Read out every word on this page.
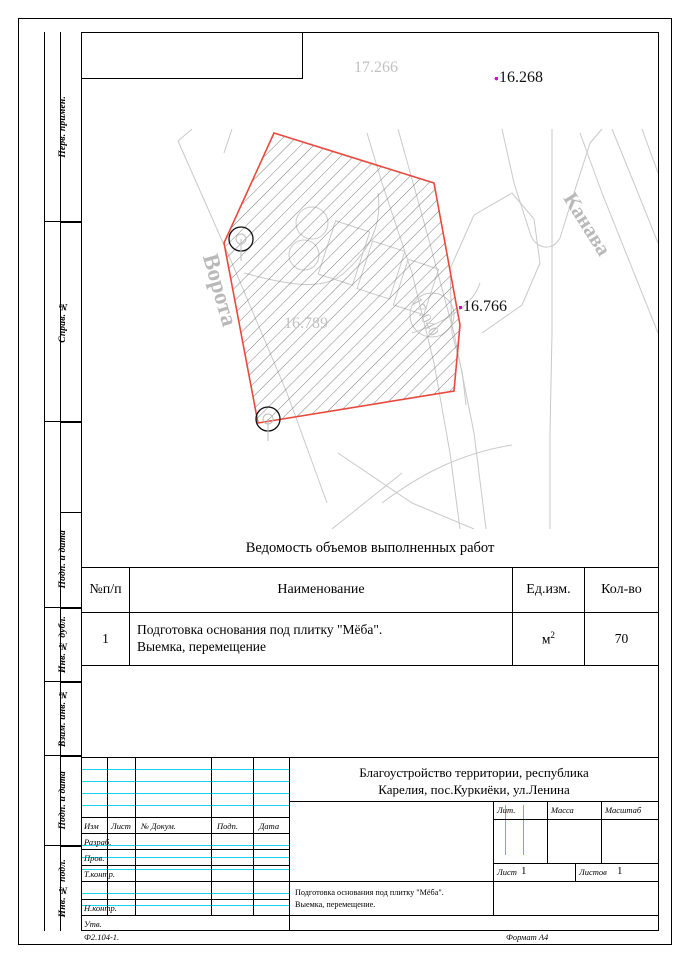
Перв. примен.
Справ. №
Подп. и дата
Инв. № дубл.
Взам. инв. №
Подп. и дата
Инв. № подл.
Ворота
Канава
17.266
16.268
16.766
16.789	17.040
Ведомость объемов выполненных работ			
№п/п	Наименование	Ед.изм.	Кол-во
1	Подготовка основания под плитку "Мёба".
Выемка, перемещение	$м^2$	70
Изм Лист № Докум.	Подп. Дата
Разраб.
Пров.
Т.контр.
Н.контр.
Утв.
Благоустройство территории, республика
Карелия, пос.Куркиёки, ул.Ленина
Подготовка основания под плитку "Мёба".
Выемка, перемещение.
Лит.	Масса	Масштаб
Лист 1	Листов 1
Ф2.104-1.	Формат А4
